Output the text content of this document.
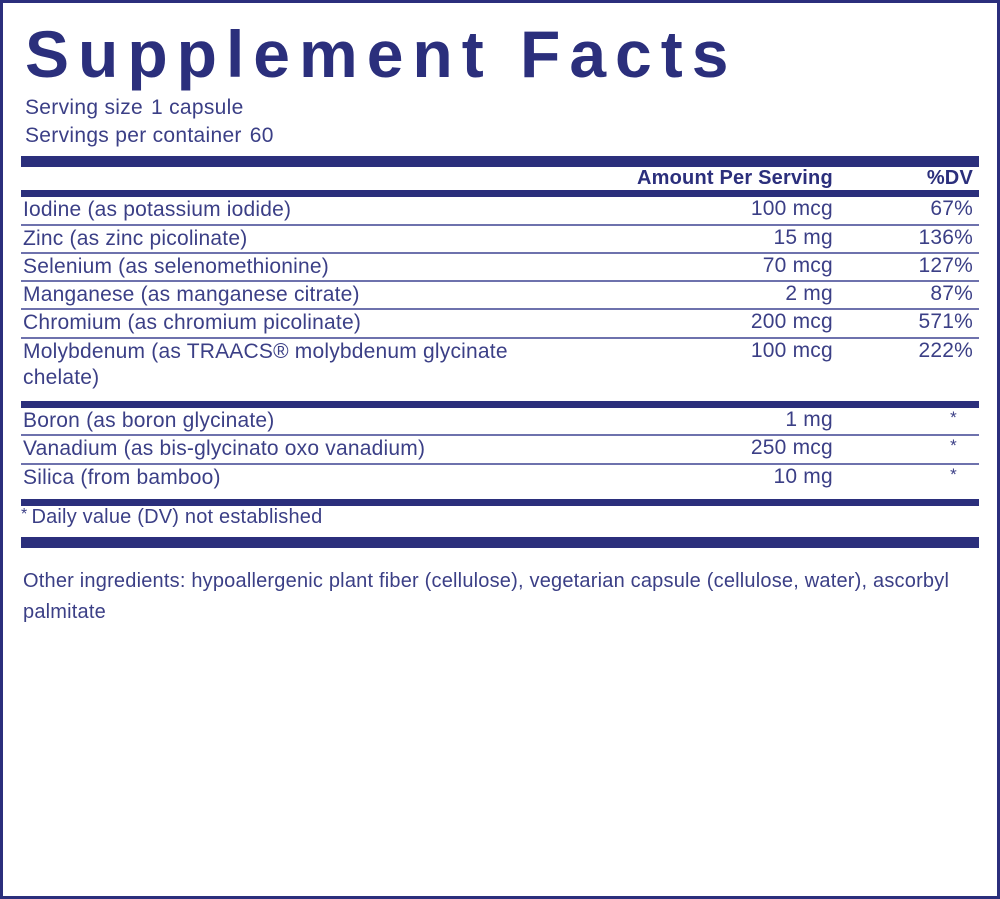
Supplement Facts
Serving size 1 capsule
Servings per container 60
	Amount Per Serving	%DV

Iodine (as potassium iodide)	100 mcg	67%

Zinc (as zinc picolinate)	15 mg	136%

Selenium (as selenomethionine)	70 mcg	127%

Manganese (as manganese citrate)	2 mg	87%

Chromium (as chromium picolinate)	200 mcg	571%

Molybdenum (as TRAACS® molybdenum glycinate chelate)	100 mcg	222%

Boron (as boron glycinate)	1 mg	*

Vanadium (as bis-glycinato oxo vanadium)	250 mcg	*

Silica (from bamboo)	10 mg	*

* Daily value (DV) not established		
Other ingredients: hypoallergenic plant fiber (cellulose), vegetarian capsule (cellulose, water), ascorbyl palmitate
